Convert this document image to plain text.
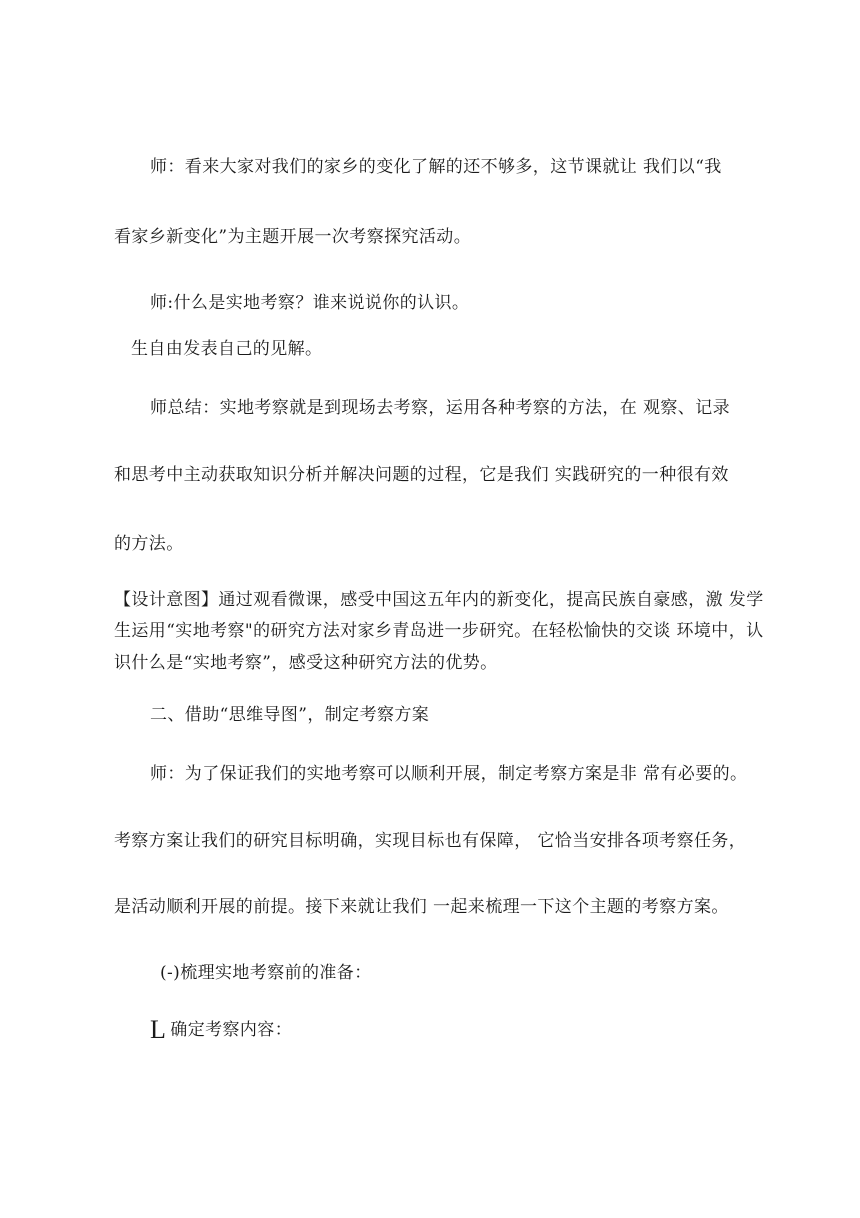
师：看来大家对我们的家乡的变化了解的还不够多，这节课就让 我们以“我
看家乡新变化”为主题开展一次考察探究活动。
师:什么是实地考察？谁来说说你的认识。
生自由发表自己的见解。
师总结：实地考察就是到现场去考察，运用各种考察的方法，在 观察、记录
和思考中主动获取知识分析并解决问题的过程，它是我们 实践研究的一种很有效
的方法。
【设计意图】通过观看微课，感受中国这五年内的新变化，提高民族自豪感，激 发学
生运用“实地考察"的研究方法对家乡青岛进一步研究。在轻松愉快的交谈 环境中，认
识什么是“实地考察”，感受这种研究方法的优势。
二、借助“思维导图”，制定考察方案
师：为了保证我们的实地考察可以顺利开展，制定考察方案是非 常有必要的。
考察方案让我们的研究目标明确，实现目标也有保障， 它恰当安排各项考察任务，
是活动顺利开展的前提。接下来就让我们 一起来梳理一下这个主题的考察方案。
(-)梳理实地考察前的准备：
L确定考察内容：
